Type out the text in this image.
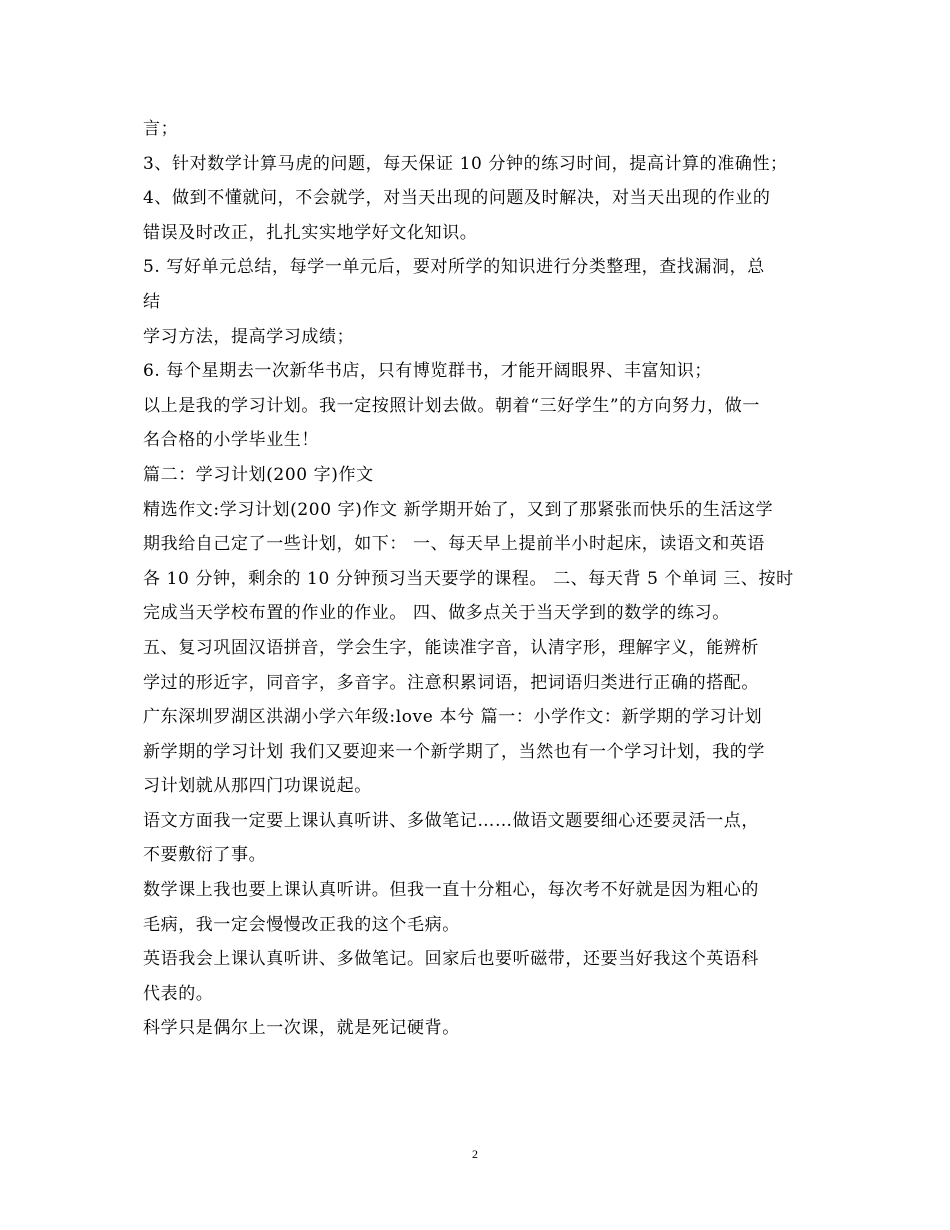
言；
3、针对数学计算马虎的问题，每天保证 10 分钟的练习时间，提高计算的准确性；
4、做到不懂就问，不会就学，对当天出现的问题及时解决，对当天出现的作业的
错误及时改正，扎扎实实地学好文化知识。
5. 写好单元总结，每学一单元后，要对所学的知识进行分类整理，查找漏洞，总
结
学习方法，提高学习成绩；
6. 每个星期去一次新华书店，只有博览群书，才能开阔眼界、丰富知识；
以上是我的学习计划。我一定按照计划去做。朝着“三好学生”的方向努力，做一
名合格的小学毕业生！
篇二：学习计划(200 字)作文
精选作文:学习计划(200 字)作文 新学期开始了，又到了那紧张而快乐的生活这学
期我给自己定了一些计划，如下： 一、每天早上提前半小时起床，读语文和英语
各 10 分钟，剩余的 10 分钟预习当天要学的课程。 二、每天背 5 个单词 三、按时
完成当天学校布置的作业的作业。 四、做多点关于当天学到的数学的练习。
五、复习巩固汉语拼音，学会生字，能读准字音，认清字形，理解字义，能辨析
学过的形近字，同音字，多音字。注意积累词语，把词语归类进行正确的搭配。
广东深圳罗湖区洪湖小学六年级:love 本兮 篇一：小学作文：新学期的学习计划
新学期的学习计划 我们又要迎来一个新学期了，当然也有一个学习计划，我的学
习计划就从那四门功课说起。
语文方面我一定要上课认真听讲、多做笔记……做语文题要细心还要灵活一点，
不要敷衍了事。
数学课上我也要上课认真听讲。但我一直十分粗心，每次考不好就是因为粗心的
毛病，我一定会慢慢改正我的这个毛病。
英语我会上课认真听讲、多做笔记。回家后也要听磁带，还要当好我这个英语科
代表的。
科学只是偶尔上一次课，就是死记硬背。
2
